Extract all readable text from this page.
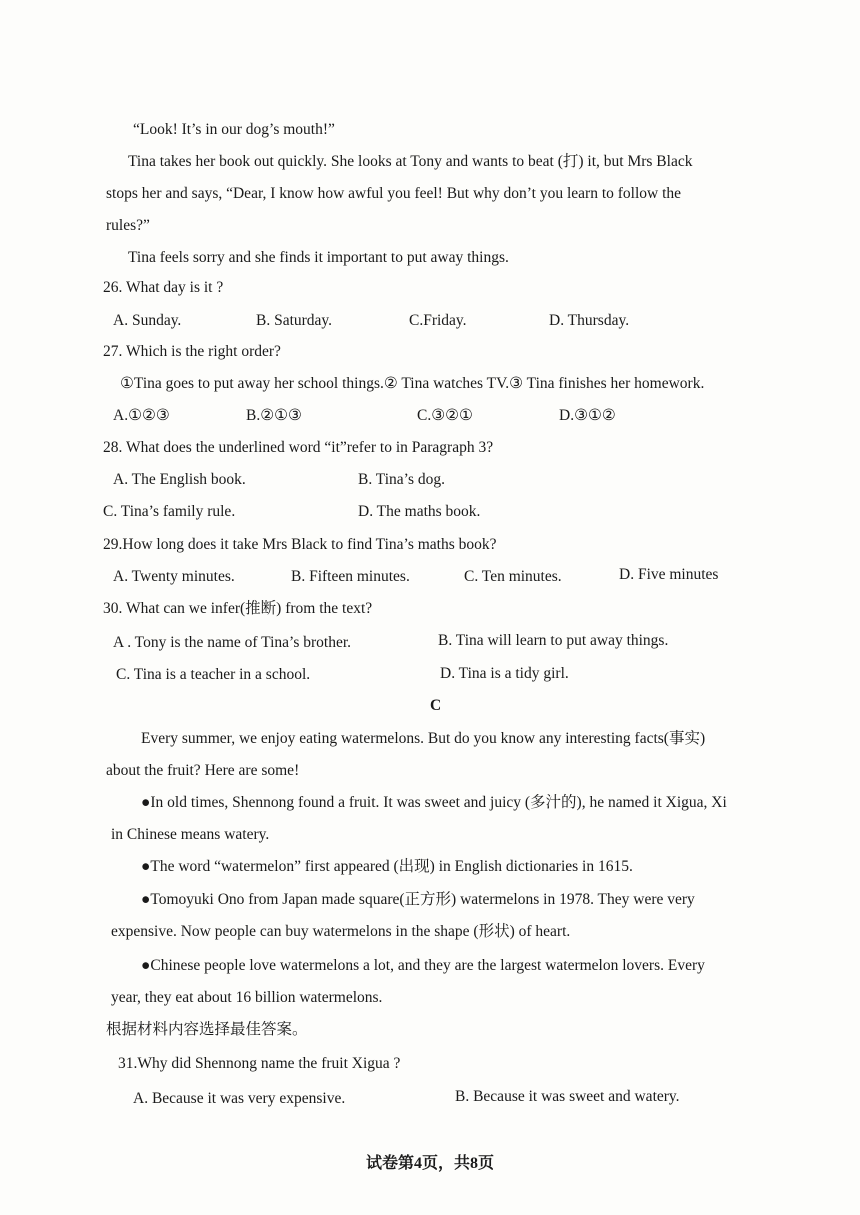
“Look! It’s in our dog’s mouth!”
Tina takes her book out quickly. She looks at Tony and wants to beat (打) it, but Mrs Black
stops her and says, “Dear, I know how awful you feel! But why don’t you learn to follow the
rules?”
Tina feels sorry and she finds it important to put away things.
26. What day is it ?
A. Sunday.	B. Saturday.	C.Friday.	D. Thursday.
27. Which is the right order?
①Tina goes to put away her school things.② Tina watches TV.③ Tina finishes her homework.
A.①②③	B.②①③	C.③②①	D.③①②
28. What does the underlined word “it”refer to in Paragraph 3?
A. The English book.	B. Tina’s dog.
C. Tina’s family rule.	D. The maths book.
29.How long does it take Mrs Black to find Tina’s maths book?
A. Twenty minutes.	B. Fifteen minutes.	C. Ten minutes.	D. Five minutes
30. What can we infer(推断) from the text?
A . Tony is the name of Tina’s brother.	B. Tina will learn to put away things.
C. Tina is a teacher in a school.	D. Tina is a tidy girl.
C
Every summer, we enjoy eating watermelons. But do you know any interesting facts(事实)
about the fruit? Here are some!
●In old times, Shennong found a fruit. It was sweet and juicy (多汁的), he named it Xigua, Xi
in Chinese means watery.
●The word “watermelon” first appeared (出现) in English dictionaries in 1615.
●Tomoyuki Ono from Japan made square(正方形) watermelons in 1978. They were very
expensive. Now people can buy watermelons in the shape (形状) of heart.
●Chinese people love watermelons a lot, and they are the largest watermelon lovers. Every
year, they eat about 16 billion watermelons.
根据材料内容选择最佳答案。
31.Why did Shennong name the fruit Xigua ?
A. Because it was very expensive.	B. Because it was sweet and watery.
试卷第4页，共8页
